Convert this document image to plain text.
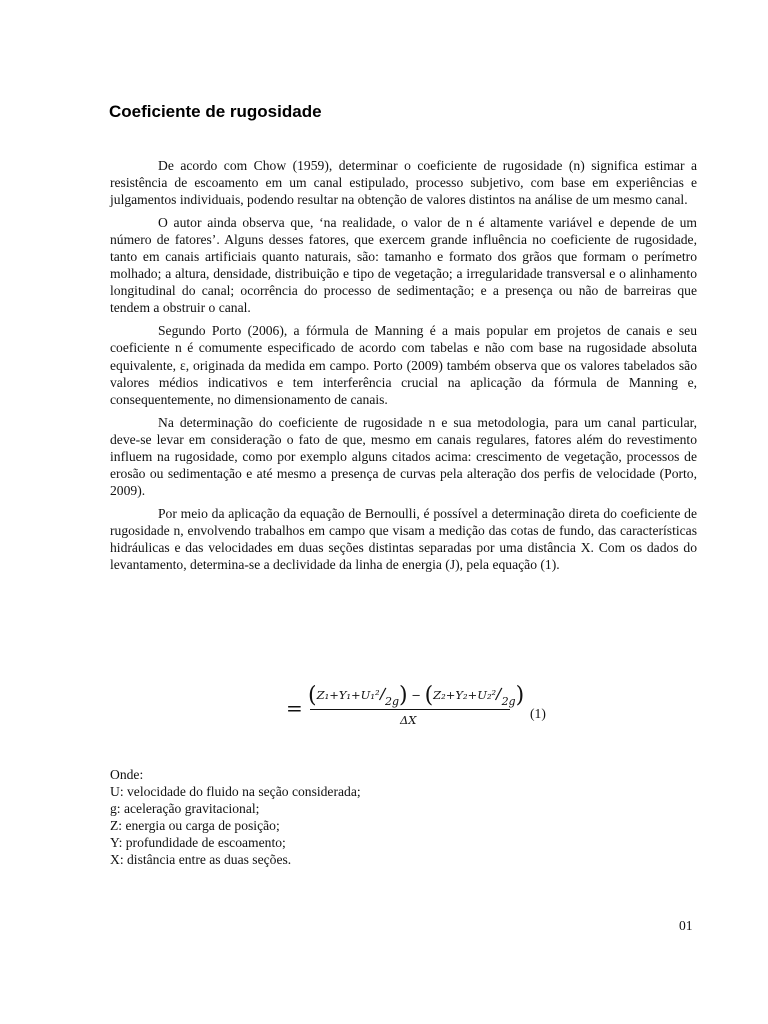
Coeficiente de rugosidade

De acordo com Chow (1959), determinar o coeficiente de rugosidade (n) significa estimar a resistência de escoamento em um canal estipulado, processo subjetivo, com base em experiências e julgamentos individuais, podendo resultar na obtenção de valores distintos na análise de um mesmo canal.

O autor ainda observa que, ‘na realidade, o valor de n é altamente variável e depende de um número de fatores’. Alguns desses fatores, que exercem grande influência no coeficiente de rugosidade, tanto em canais artificiais quanto naturais, são: tamanho e formato dos grãos que formam o perímetro molhado; a altura, densidade, distribuição e tipo de vegetação; a irregularidade transversal e o alinhamento longitudinal do canal; ocorrência do processo de sedimentação; e a presença ou não de barreiras que tendem a obstruir o canal.

Segundo Porto (2006), a fórmula de Manning é a mais popular em projetos de canais e seu coeficiente n é comumente especificado de acordo com tabelas e não com base na rugosidade absoluta equivalente, ε, originada da medida em campo. Porto (2009) também observa que os valores tabelados são valores médios indicativos e tem interferência crucial na aplicação da fórmula de Manning e, consequentemente, no dimensionamento de canais.

Na determinação do coeficiente de rugosidade n e sua metodologia, para um canal particular, deve-se levar em consideração o fato de que, mesmo em canais regulares, fatores além do revestimento influem na rugosidade, como por exemplo alguns citados acima: crescimento de vegetação, processos de erosão ou sedimentação e até mesmo a presença de curvas pela alteração dos perfis de velocidade (Porto, 2009).

Por meio da aplicação da equação de Bernoulli, é possível a determinação direta do coeficiente de rugosidade n, envolvendo trabalhos em campo que visam a medição das cotas de fundo, das características hidráulicas e das velocidades em duas seções distintas separadas por uma distância X. Com os dados do levantamento, determina-se a declividade da linha de energia (J), pela equação (1).

= (Z₁+Y₁+U₁²/2g) − (Z₂+Y₂+U₂²/2g)
ΔX	(1)
Onde:
U: velocidade do fluido na seção considerada;
g: aceleração gravitacional;
Z: energia ou carga de posição;
Y: profundidade de escoamento;
X: distância entre as duas seções.
01
